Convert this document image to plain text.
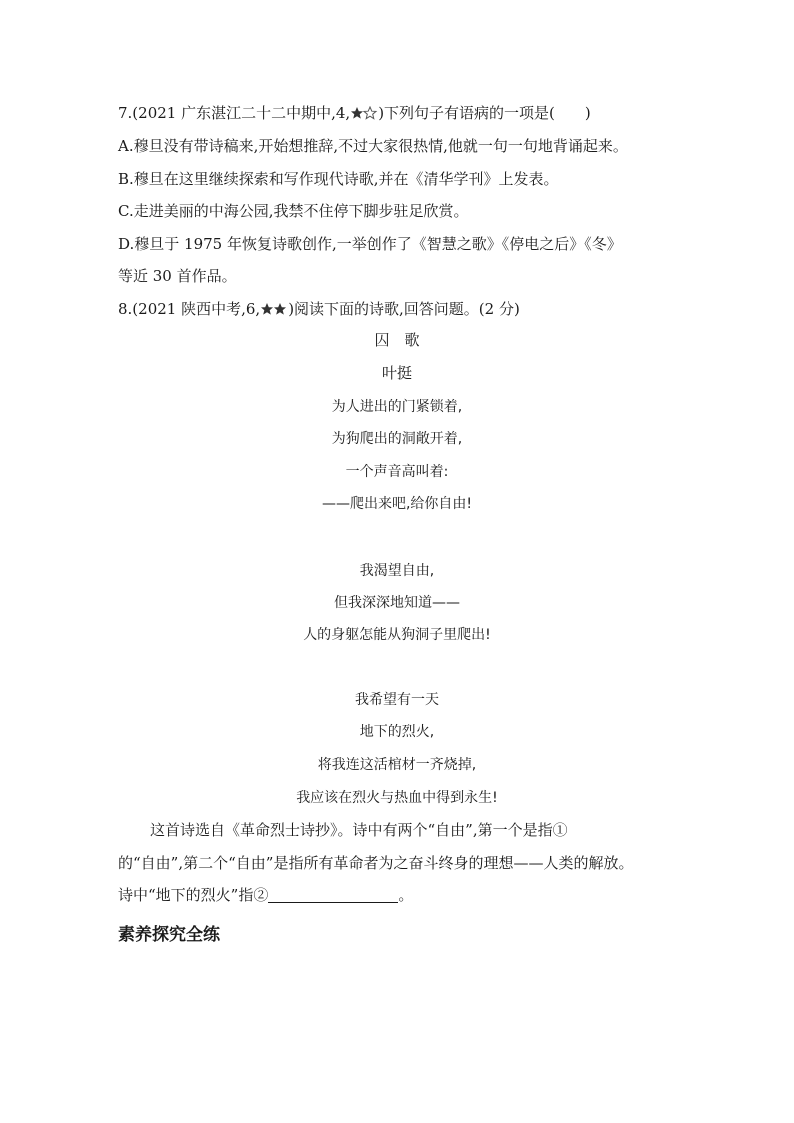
7.(2021 广东湛江二十二中期中,4, )下列句子有语病的一项是(　　)
A.穆旦没有带诗稿来,开始想推辞,不过大家很热情,他就一句一句地背诵起来。
B.穆旦在这里继续探索和写作现代诗歌,并在《清华学刊》上发表。
C.走进美丽的中海公园,我禁不住停下脚步驻足欣赏。
D.穆旦于 1975 年恢复诗歌创作,一举创作了《智慧之歌》《停电之后》《冬》
等近 30 首作品。
8.(2021 陕西中考,6, )阅读下面的诗歌,回答问题。(2 分)
囚　歌
叶挺
为人进出的门紧锁着,
为狗爬出的洞敞开着,
一个声音高叫着:
——爬出来吧,给你自由!
我渴望自由,
但我深深地知道——
人的身躯怎能从狗洞子里爬出!
我希望有一天
地下的烈火,
将我连这活棺材一齐烧掉,
我应该在烈火与热血中得到永生!
这首诗选自《革命烈士诗抄》。诗中有两个“自由”,第一个是指①
的“自由”,第二个“自由”是指所有革命者为之奋斗终身的理想——人类的解放。
诗中“地下的烈火”指②	。
素养探究全练
